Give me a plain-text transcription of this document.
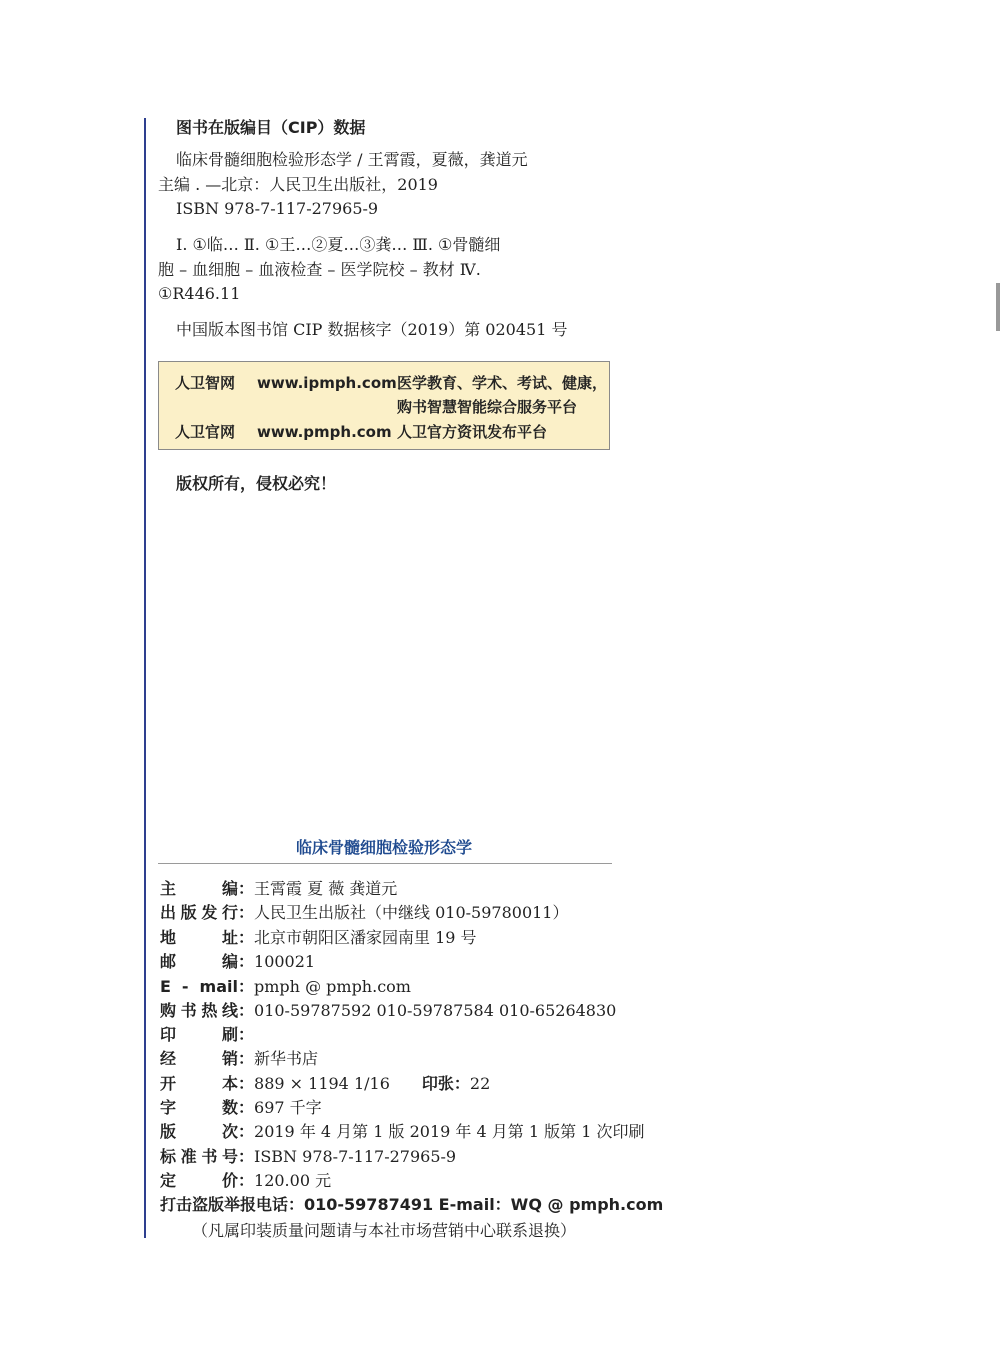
图书在版编目（CIP）数据
临床骨髓细胞检验形态学 / 王霄霞，夏薇，龚道元
主编 . —北京：人民卫生出版社，2019
ISBN 978-7-117-27965-9
Ⅰ. ①临… Ⅱ. ①王…②夏…③龚… Ⅲ. ①骨髓细
胞 – 血细胞 – 血液检查 – 医学院校 – 教材 Ⅳ.
①R446.11
中国版本图书馆 CIP 数据核字（2019）第 020451 号
人卫智网 www.ipmph.com 医学教育、学术、考试、健康，
购书智慧智能综合服务平台
人卫官网 www.pmph.com 人卫官方资讯发布平台
版权所有，侵权必究！
临床骨髓细胞检验形态学
主编：王霄霞 夏 薇 龚道元
出版发行：人民卫生出版社（中继线 010-59780011）
地址：北京市朝阳区潘家园南里 19 号
邮编：100021
E - mail：pmph @ pmph.com
购书热线：010-59787592 010-59787584 010-65264830
印刷：
经销：新华书店
开本：889 × 1194 1/16 印张：22
字数：697 千字
版次：2019 年 4 月第 1 版 2019 年 4 月第 1 版第 1 次印刷
标准书号：ISBN 978-7-117-27965-9
定价：120.00 元
打击盗版举报电话：010-59787491 E-mail：WQ @ pmph.com
（凡属印装质量问题请与本社市场营销中心联系退换）
